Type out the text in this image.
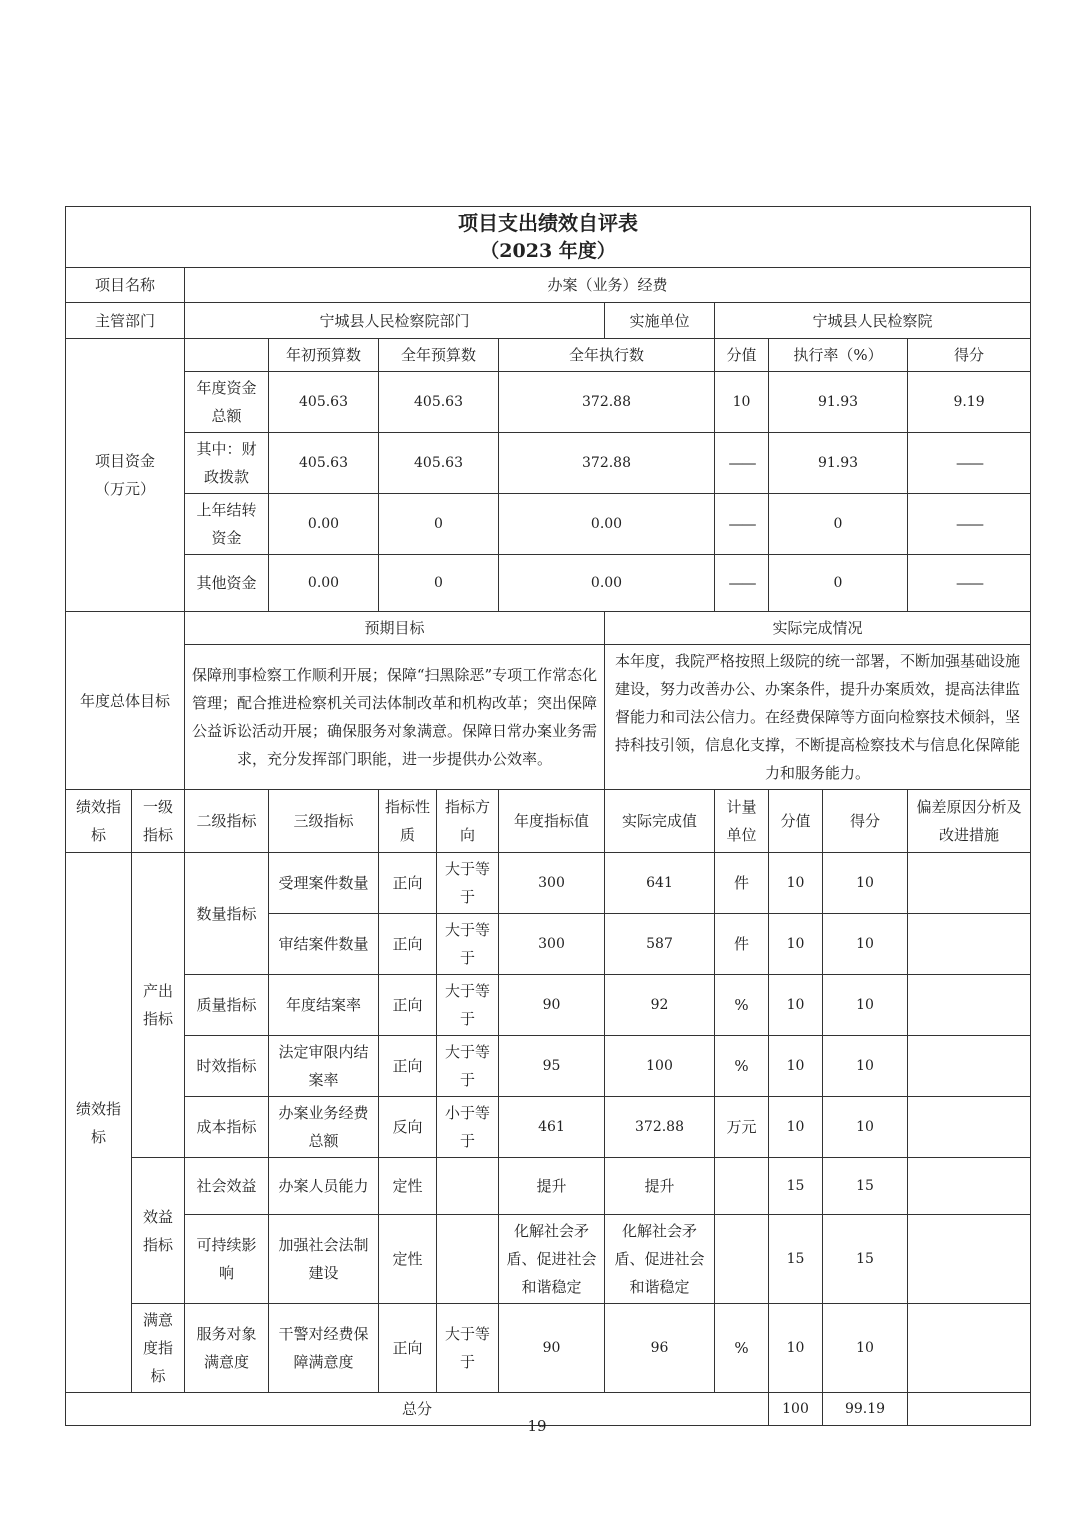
项目支出绩效自评表
（2023 年度）											

项目名称		办案（业务）经费									
主管部门		宁城县人民检察院部门					实施单位	宁城县人民检察院			

项目资金
（万元）			年初预算数	全年预算数		全年执行数		分值	执行率（%）		得分
		年度资金总额	405.63	405.63		372.88		10	91.93		9.19
		其中：财政拨款	405.63	405.63		372.88		——	91.93		——
		上年结转资金	0.00	0		0.00		——	0		——
		其他资金	0.00	0		0.00		——	0		——
年度总体目标		预期目标					实际完成情况				
		保障刑事检察工作顺利开展；保障“扫黑除恶”专项工作常态化管理；配合推进检察机关司法体制改革和机构改革；突出保障公益诉讼活动开展；确保服务对象满意。保障日常办案业务需求，充分发挥部门职能，进一步提供办公效率。					本年度，我院严格按照上级院的统一部署，不断加强基础设施建设，努力改善办公、办案条件，提升办案质效，提高法律监督能力和司法公信力。在经费保障等方面向检察技术倾斜，坚持科技引领，信息化支撑，不断提高检察技术与信息化保障能力和服务能力。				
绩效指标	一级指标	二级指标	三级指标	指标性质	指标方向	年度指标值	实际完成值	计量单位	分值	得分	偏差原因分析及改进措施
绩效指标	产出指标	数量指标	受理案件数量	正向	大于等于	300	641	件	10	10	
			审结案件数量	正向	大于等于	300	587	件	10	10	
		质量指标	年度结案率	正向	大于等于	90	92	%	10	10	
		时效指标	法定审限内结案率	正向	大于等于	95	100	%	10	10	
		成本指标	办案业务经费总额	反向	小于等于	461	372.88	万元	10	10	
	效益指标	社会效益	办案人员能力	定性		提升	提升		15	15	
		可持续影响	加强社会法制建设	定性		化解社会矛盾、促进社会和谐稳定	化解社会矛盾、促进社会和谐稳定		15	15	
	满意度指标	服务对象满意度	干警对经费保障满意度	正向	大于等于	90	96	%	10	10	
总分									100	99.19	
19
